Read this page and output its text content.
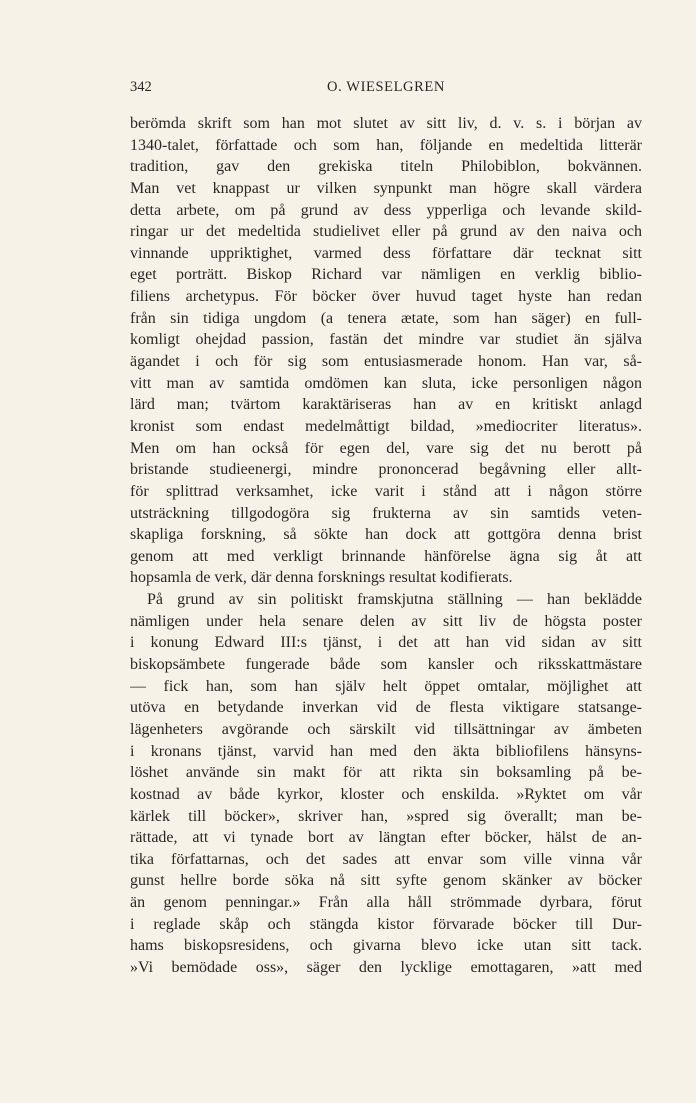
342	O. WIESELGREN
berömda skrift som han mot slutet av sitt liv, d. v. s. i början av
1340-talet, författade och som han, följande en medeltida litterär
tradition, gav den grekiska titeln Philobiblon, bokvännen.
Man vet knappast ur vilken synpunkt man högre skall värdera
detta arbete, om på grund av dess ypperliga och levande skild-
ringar ur det medeltida studielivet eller på grund av den naiva och
vinnande uppriktighet, varmed dess författare där tecknat sitt
eget porträtt. Biskop Richard var nämligen en verklig biblio-
filiens archetypus. För böcker över huvud taget hyste han redan
från sin tidiga ungdom (a tenera ætate, som han säger) en full-
komligt ohejdad passion, fastän det mindre var studiet än själva
ägandet i och för sig som entusiasmerade honom. Han var, så-
vitt man av samtida omdömen kan sluta, icke personligen någon
lärd man; tvärtom karaktäriseras han av en kritiskt anlagd
kronist som endast medelmåttigt bildad, »mediocriter literatus».
Men om han också för egen del, vare sig det nu berott på
bristande studieenergi, mindre prononcerad begåvning eller allt-
för splittrad verksamhet, icke varit i stånd att i någon större
utsträckning tillgodogöra sig frukterna av sin samtids veten-
skapliga forskning, så sökte han dock att gottgöra denna brist
genom att med verkligt brinnande hänförelse ägna sig åt att
hopsamla de verk, där denna forsknings resultat kodifierats.
På grund av sin politiskt framskjutna ställning — han beklädde
nämligen under hela senare delen av sitt liv de högsta poster
i konung Edward III:s tjänst, i det att han vid sidan av sitt
biskopsämbete fungerade både som kansler och riksskattmästare
— fick han, som han själv helt öppet omtalar, möjlighet att
utöva en betydande inverkan vid de flesta viktigare statsange-
lägenheters avgörande och särskilt vid tillsättningar av ämbeten
i kronans tjänst, varvid han med den äkta bibliofilens hänsyns-
löshet använde sin makt för att rikta sin boksamling på be-
kostnad av både kyrkor, kloster och enskilda. »Ryktet om vår
kärlek till böcker», skriver han, »spred sig överallt; man be-
rättade, att vi tynade bort av längtan efter böcker, hälst de an-
tika författarnas, och det sades att envar som ville vinna vår
gunst hellre borde söka nå sitt syfte genom skänker av böcker
än genom penningar.» Från alla håll strömmade dyrbara, förut
i reglade skåp och stängda kistor förvarade böcker till Dur-
hams biskopsresidens, och givarna blevo icke utan sitt tack.
»Vi bemödade oss», säger den lycklige emottagaren, »att med
